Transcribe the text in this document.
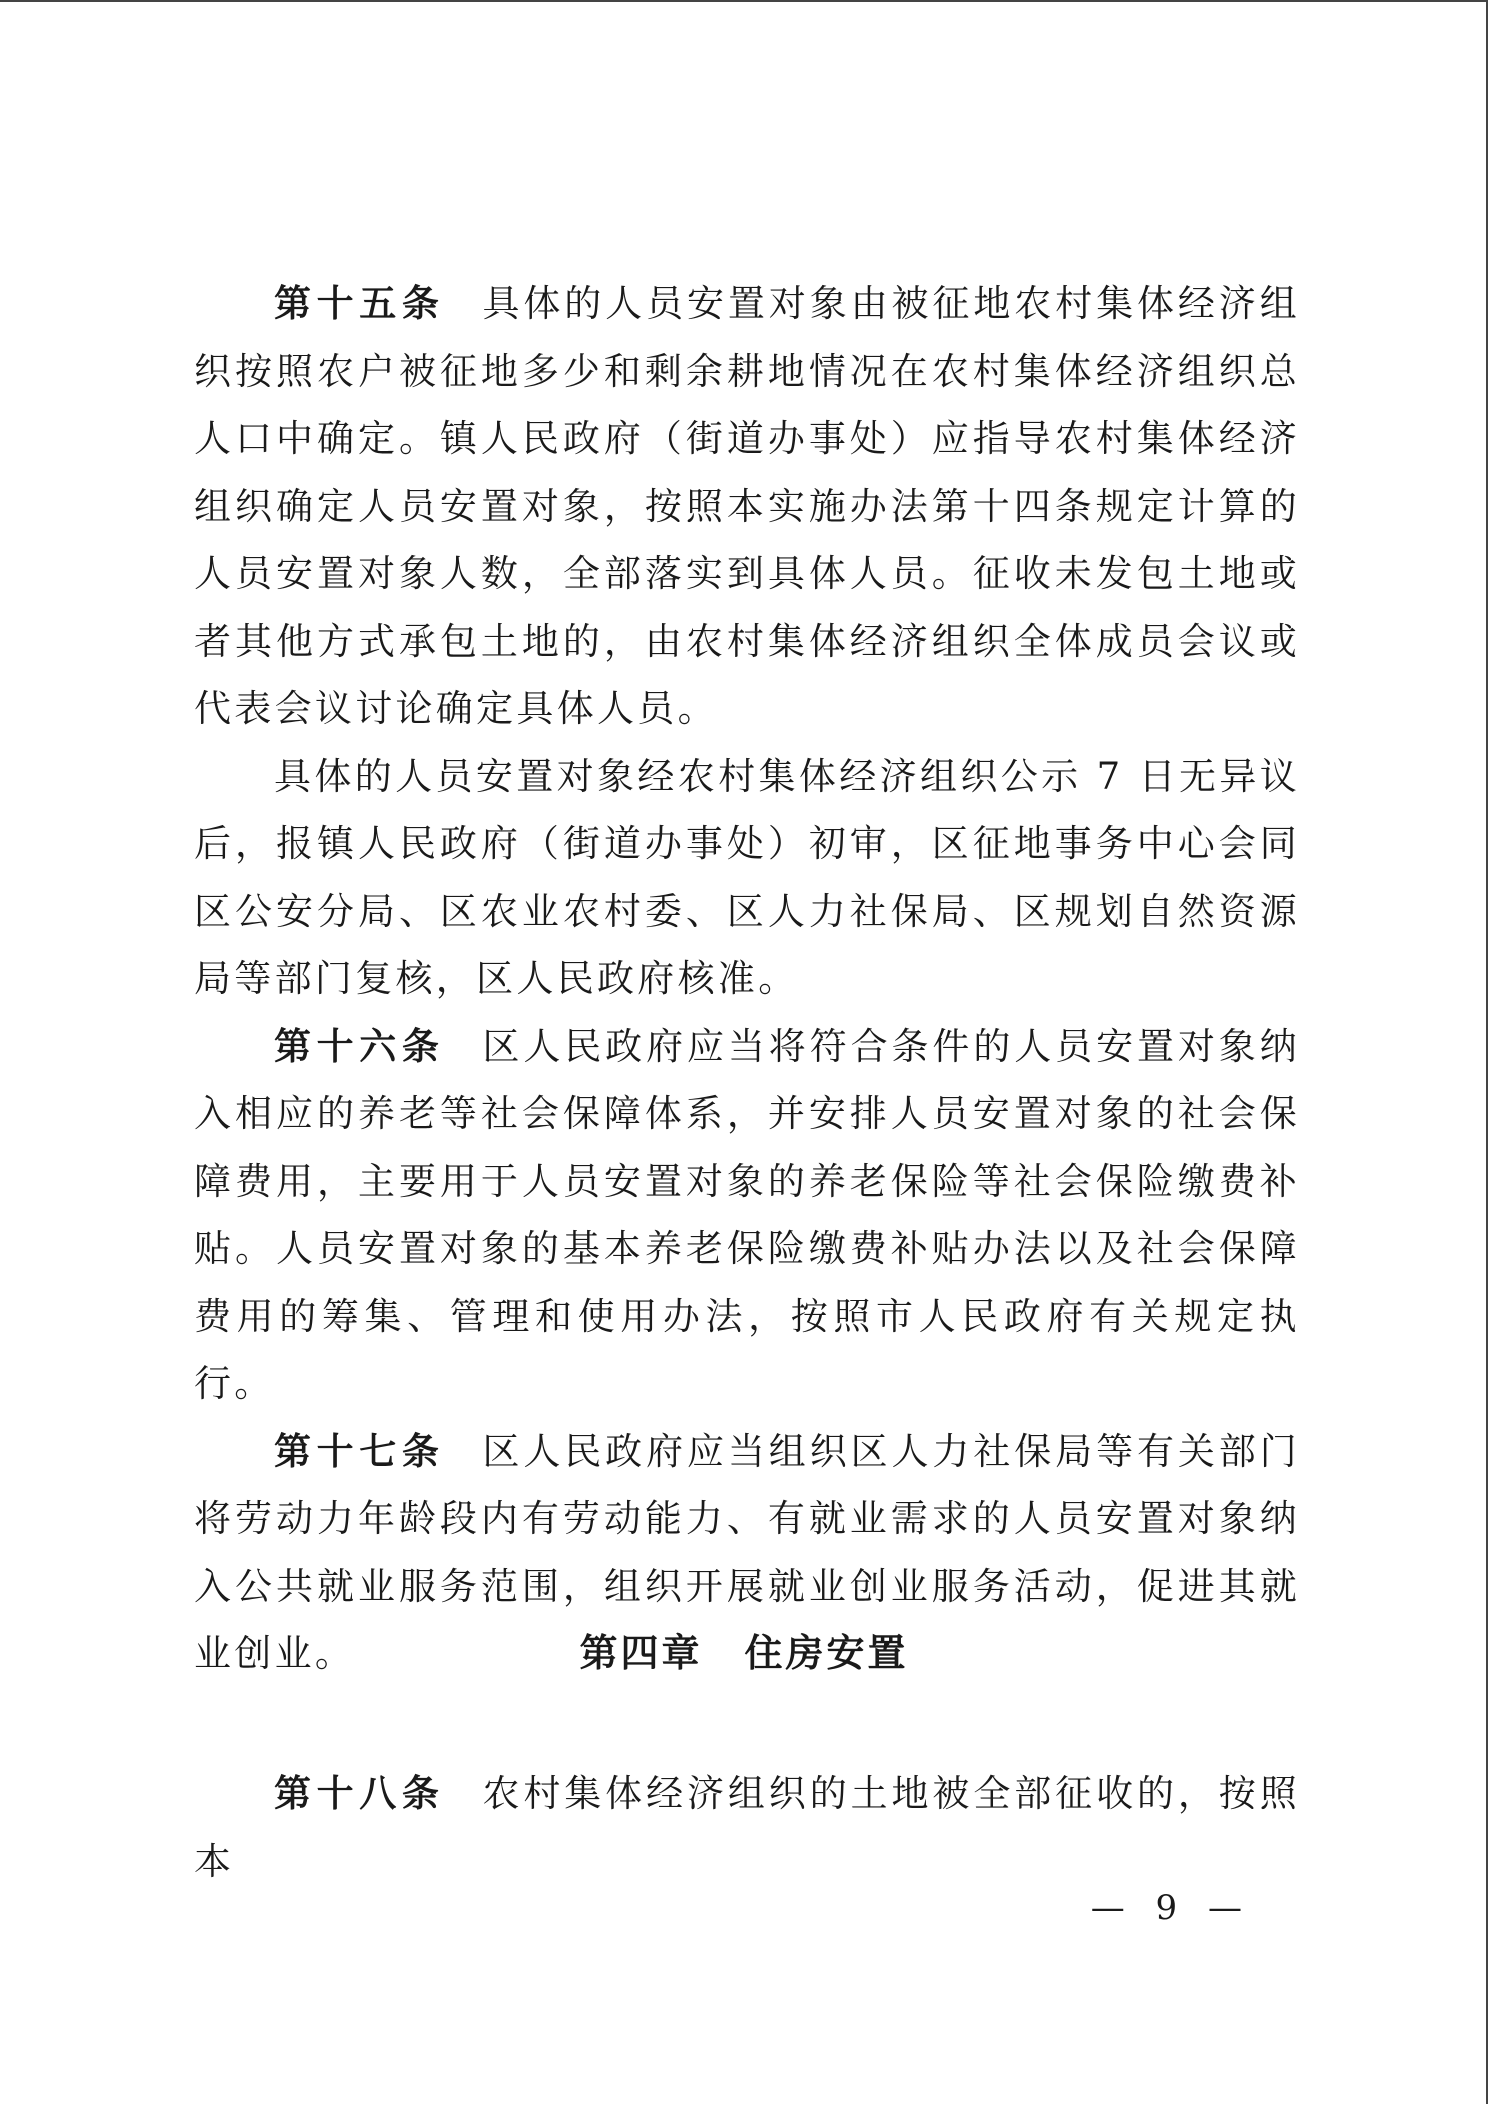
第十五条 具体的人员安置对象由被征地农村集体经济组织按照农户被征地多少和剩余耕地情况在农村集体经济组织总人口中确定。镇人民政府（街道办事处）应指导农村集体经济组织确定人员安置对象，按照本实施办法第十四条规定计算的人员安置对象人数，全部落实到具体人员。征收未发包土地或者其他方式承包土地的，由农村集体经济组织全体成员会议或代表会议讨论确定具体人员。

具体的人员安置对象经农村集体经济组织公示 7 日无异议后，报镇人民政府（街道办事处）初审，区征地事务中心会同区公安分局、区农业农村委、区人力社保局、区规划自然资源局等部门复核，区人民政府核准。

第十六条 区人民政府应当将符合条件的人员安置对象纳入相应的养老等社会保障体系，并安排人员安置对象的社会保障费用，主要用于人员安置对象的养老保险等社会保险缴费补贴。人员安置对象的基本养老保险缴费补贴办法以及社会保障费用的筹集、管理和使用办法，按照市人民政府有关规定执行。

第十七条 区人民政府应当组织区人力社保局等有关部门将劳动力年龄段内有劳动能力、有就业需求的人员安置对象纳入公共就业服务范围，组织开展就业创业服务活动，促进其就业创业。	第四章 住房安置

第十八条 农村集体经济组织的土地被全部征收的，按照本

— 9 —
